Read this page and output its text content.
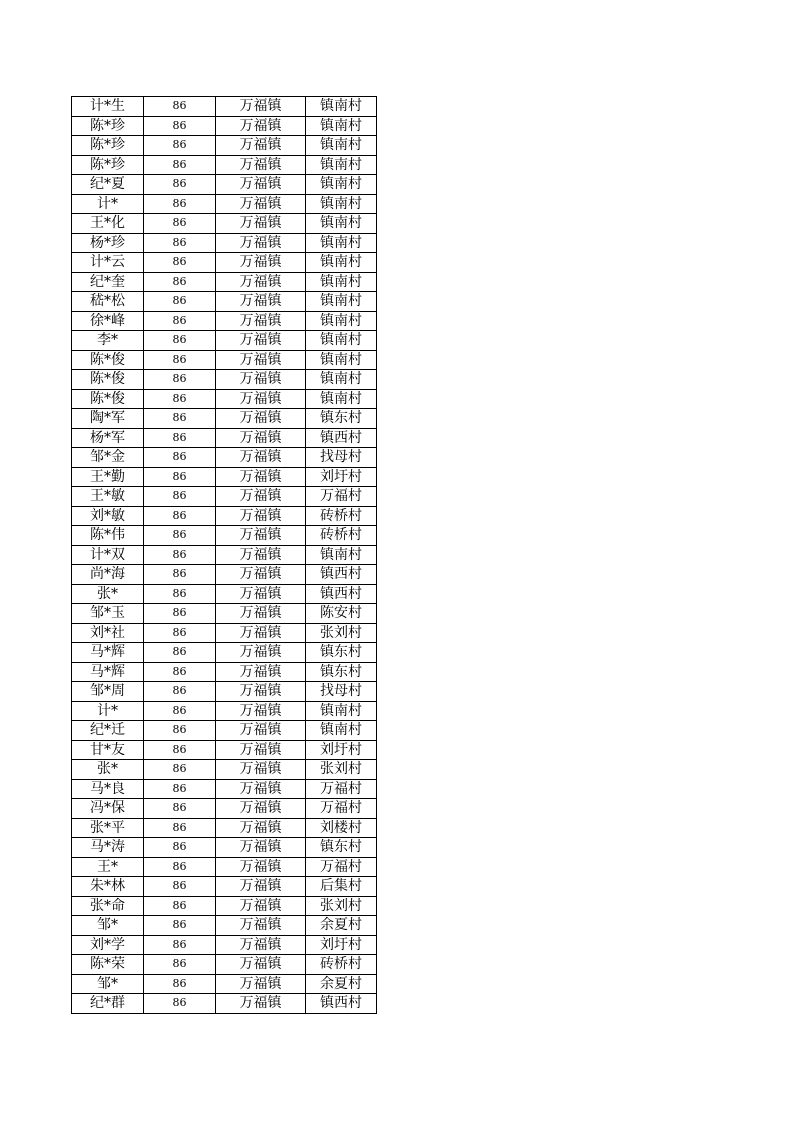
计*生	86	万福镇	镇南村
陈*珍	86	万福镇	镇南村
陈*珍	86	万福镇	镇南村
陈*珍	86	万福镇	镇南村
纪*夏	86	万福镇	镇南村
计*	86	万福镇	镇南村
王*化	86	万福镇	镇南村
杨*珍	86	万福镇	镇南村
计*云	86	万福镇	镇南村
纪*奎	86	万福镇	镇南村
嵇*松	86	万福镇	镇南村
徐*峰	86	万福镇	镇南村
李*	86	万福镇	镇南村
陈*俊	86	万福镇	镇南村
陈*俊	86	万福镇	镇南村
陈*俊	86	万福镇	镇南村
陶*军	86	万福镇	镇东村
杨*军	86	万福镇	镇西村
邹*金	86	万福镇	找母村
王*勤	86	万福镇	刘圩村
王*敏	86	万福镇	万福村
刘*敏	86	万福镇	砖桥村
陈*伟	86	万福镇	砖桥村
计*双	86	万福镇	镇南村
尚*海	86	万福镇	镇西村
张*	86	万福镇	镇西村
邹*玉	86	万福镇	陈安村
刘*社	86	万福镇	张刘村
马*辉	86	万福镇	镇东村
马*辉	86	万福镇	镇东村
邹*周	86	万福镇	找母村
计*	86	万福镇	镇南村
纪*迁	86	万福镇	镇南村
甘*友	86	万福镇	刘圩村
张*	86	万福镇	张刘村
马*良	86	万福镇	万福村
冯*保	86	万福镇	万福村
张*平	86	万福镇	刘楼村
马*涛	86	万福镇	镇东村
王*	86	万福镇	万福村
朱*林	86	万福镇	后集村
张*命	86	万福镇	张刘村
邹*	86	万福镇	余夏村
刘*学	86	万福镇	刘圩村
陈*荣	86	万福镇	砖桥村
邹*	86	万福镇	余夏村
纪*群	86	万福镇	镇西村
